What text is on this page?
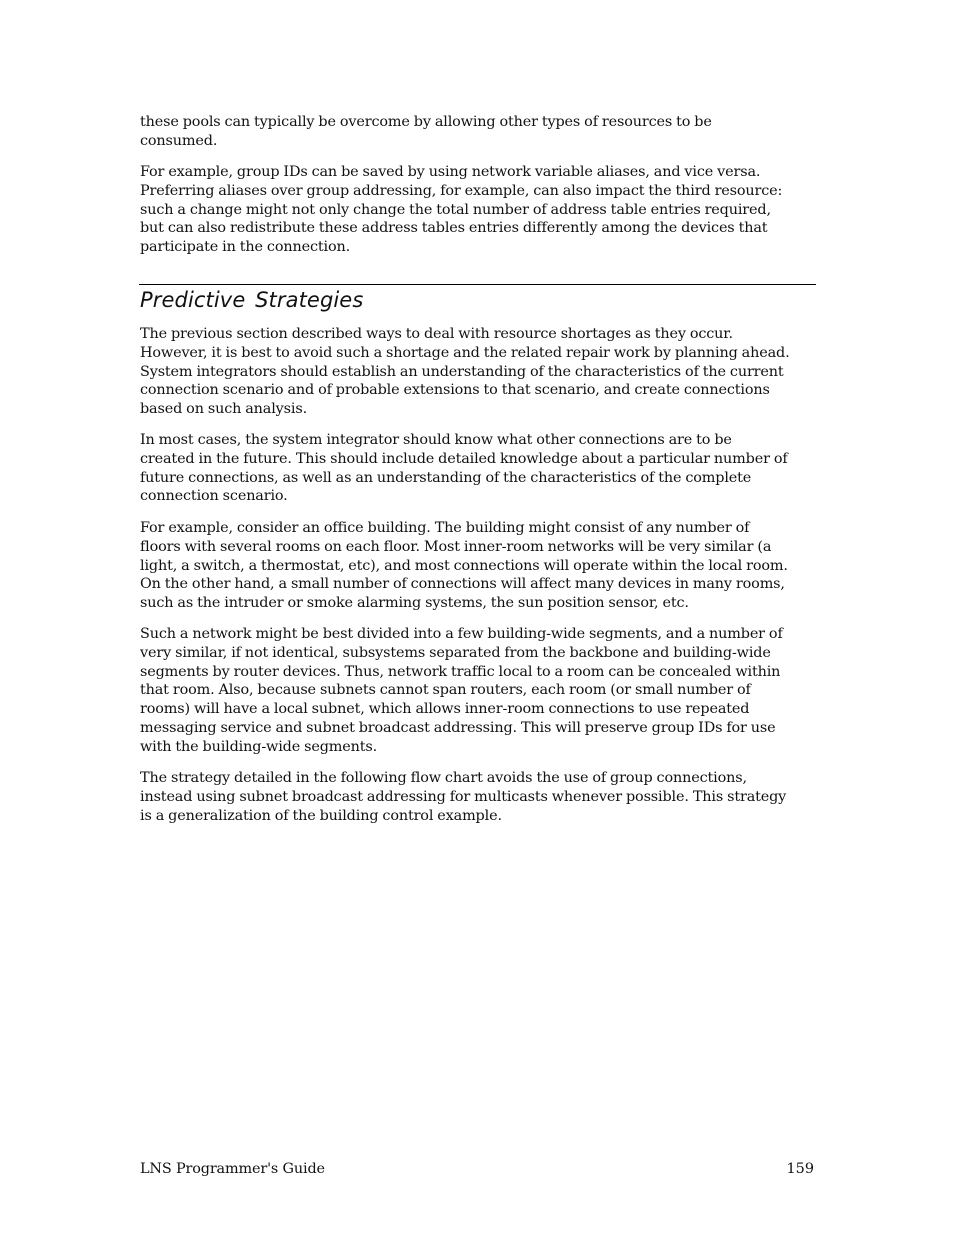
these pools can typically be overcome by allowing other types of resources to be consumed.

For example, group IDs can be saved by using network variable aliases, and vice versa. Preferring aliases over group addressing, for example, can also impact the third resource: such a change might not only change the total number of address table entries required, but can also redistribute these address tables entries differently among the devices that participate in the connection.

Predictive Strategies

The previous section described ways to deal with resource shortages as they occur. However, it is best to avoid such a shortage and the related repair work by planning ahead. System integrators should establish an understanding of the characteristics of the current connection scenario and of probable extensions to that scenario, and create connections based on such analysis.

In most cases, the system integrator should know what other connections are to be created in the future. This should include detailed knowledge about a particular number of future connections, as well as an understanding of the characteristics of the complete connection scenario.

For example, consider an office building. The building might consist of any number of floors with several rooms on each floor. Most inner-room networks will be very similar (a light, a switch, a thermostat, etc), and most connections will operate within the local room. On the other hand, a small number of connections will affect many devices in many rooms, such as the intruder or smoke alarming systems, the sun position sensor, etc.

Such a network might be best divided into a few building-wide segments, and a number of very similar, if not identical, subsystems separated from the backbone and building-wide segments by router devices. Thus, network traffic local to a room can be concealed within that room. Also, because subnets cannot span routers, each room (or small number of rooms) will have a local subnet, which allows inner-room connections to use repeated messaging service and subnet broadcast addressing. This will preserve group IDs for use with the building-wide segments.

The strategy detailed in the following flow chart avoids the use of group connections, instead using subnet broadcast addressing for multicasts whenever possible. This strategy is a generalization of the building control example.

LNS Programmer's Guide	159
